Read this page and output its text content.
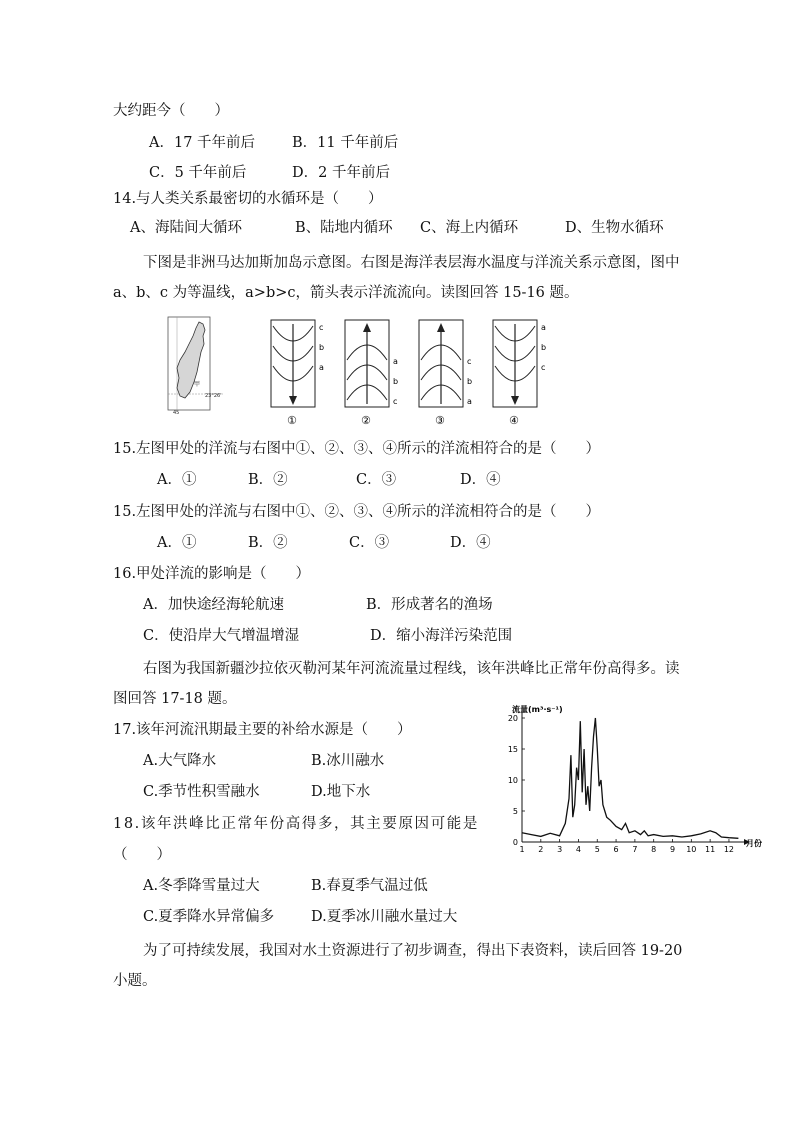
大约距今（　　）
A．17 千年前后	B．11 千年前后
C．5 千年前后	D．2 千年前后
14.与人类关系最密切的水循环是（　　）
A、海陆间大循环	B、陆地内循环 C、海上内循环	D、生物水循环
下图是非洲马达加斯加岛示意图。右图是海洋表层海水温度与洋流关系示意图，图中a、b、c 为等温线，a>b>c，箭头表示洋流流向。读图回答 15-16 题。
甲
23°26'
45
c
b
a
①
a
b
c
②
c
b
a
③
a
b
c
④
15.左图甲处的洋流与右图中①、②、③、④所示的洋流相符合的是（　　）
A．①	B．②	C．③	D．④
15.左图甲处的洋流与右图中①、②、③、④所示的洋流相符合的是（　　）
A．①	B．②	C．③	D．④
16.甲处洋流的影响是（　　）
A．加快途经海轮航速	B．形成著名的渔场
C．使沿岸大气增温增湿	D．缩小海洋污染范围
右图为我国新疆沙拉依灭勒河某年河流流量过程线，该年洪峰比正常年份高得多。读图回答 17-18 题。
17.该年河流汛期最主要的补给水源是（　　）
A.大气降水	B.冰川融水
C.季节性积雪融水	D.地下水
18.该年洪峰比正常年份高得多，其主要原因可能是
（　　）
A.冬季降雪量过大	B.春夏季气温过低
C.夏季降水异常偏多	D.夏季冰川融水量过大
为了可持续发展，我国对水土资源进行了初步调查，得出下表资料，读后回答 19-20 小题。
0
5
10
15
20
1 2 3 4 5 6 7 8 9 10 11 12
流量(m³·s⁻¹)
月份
